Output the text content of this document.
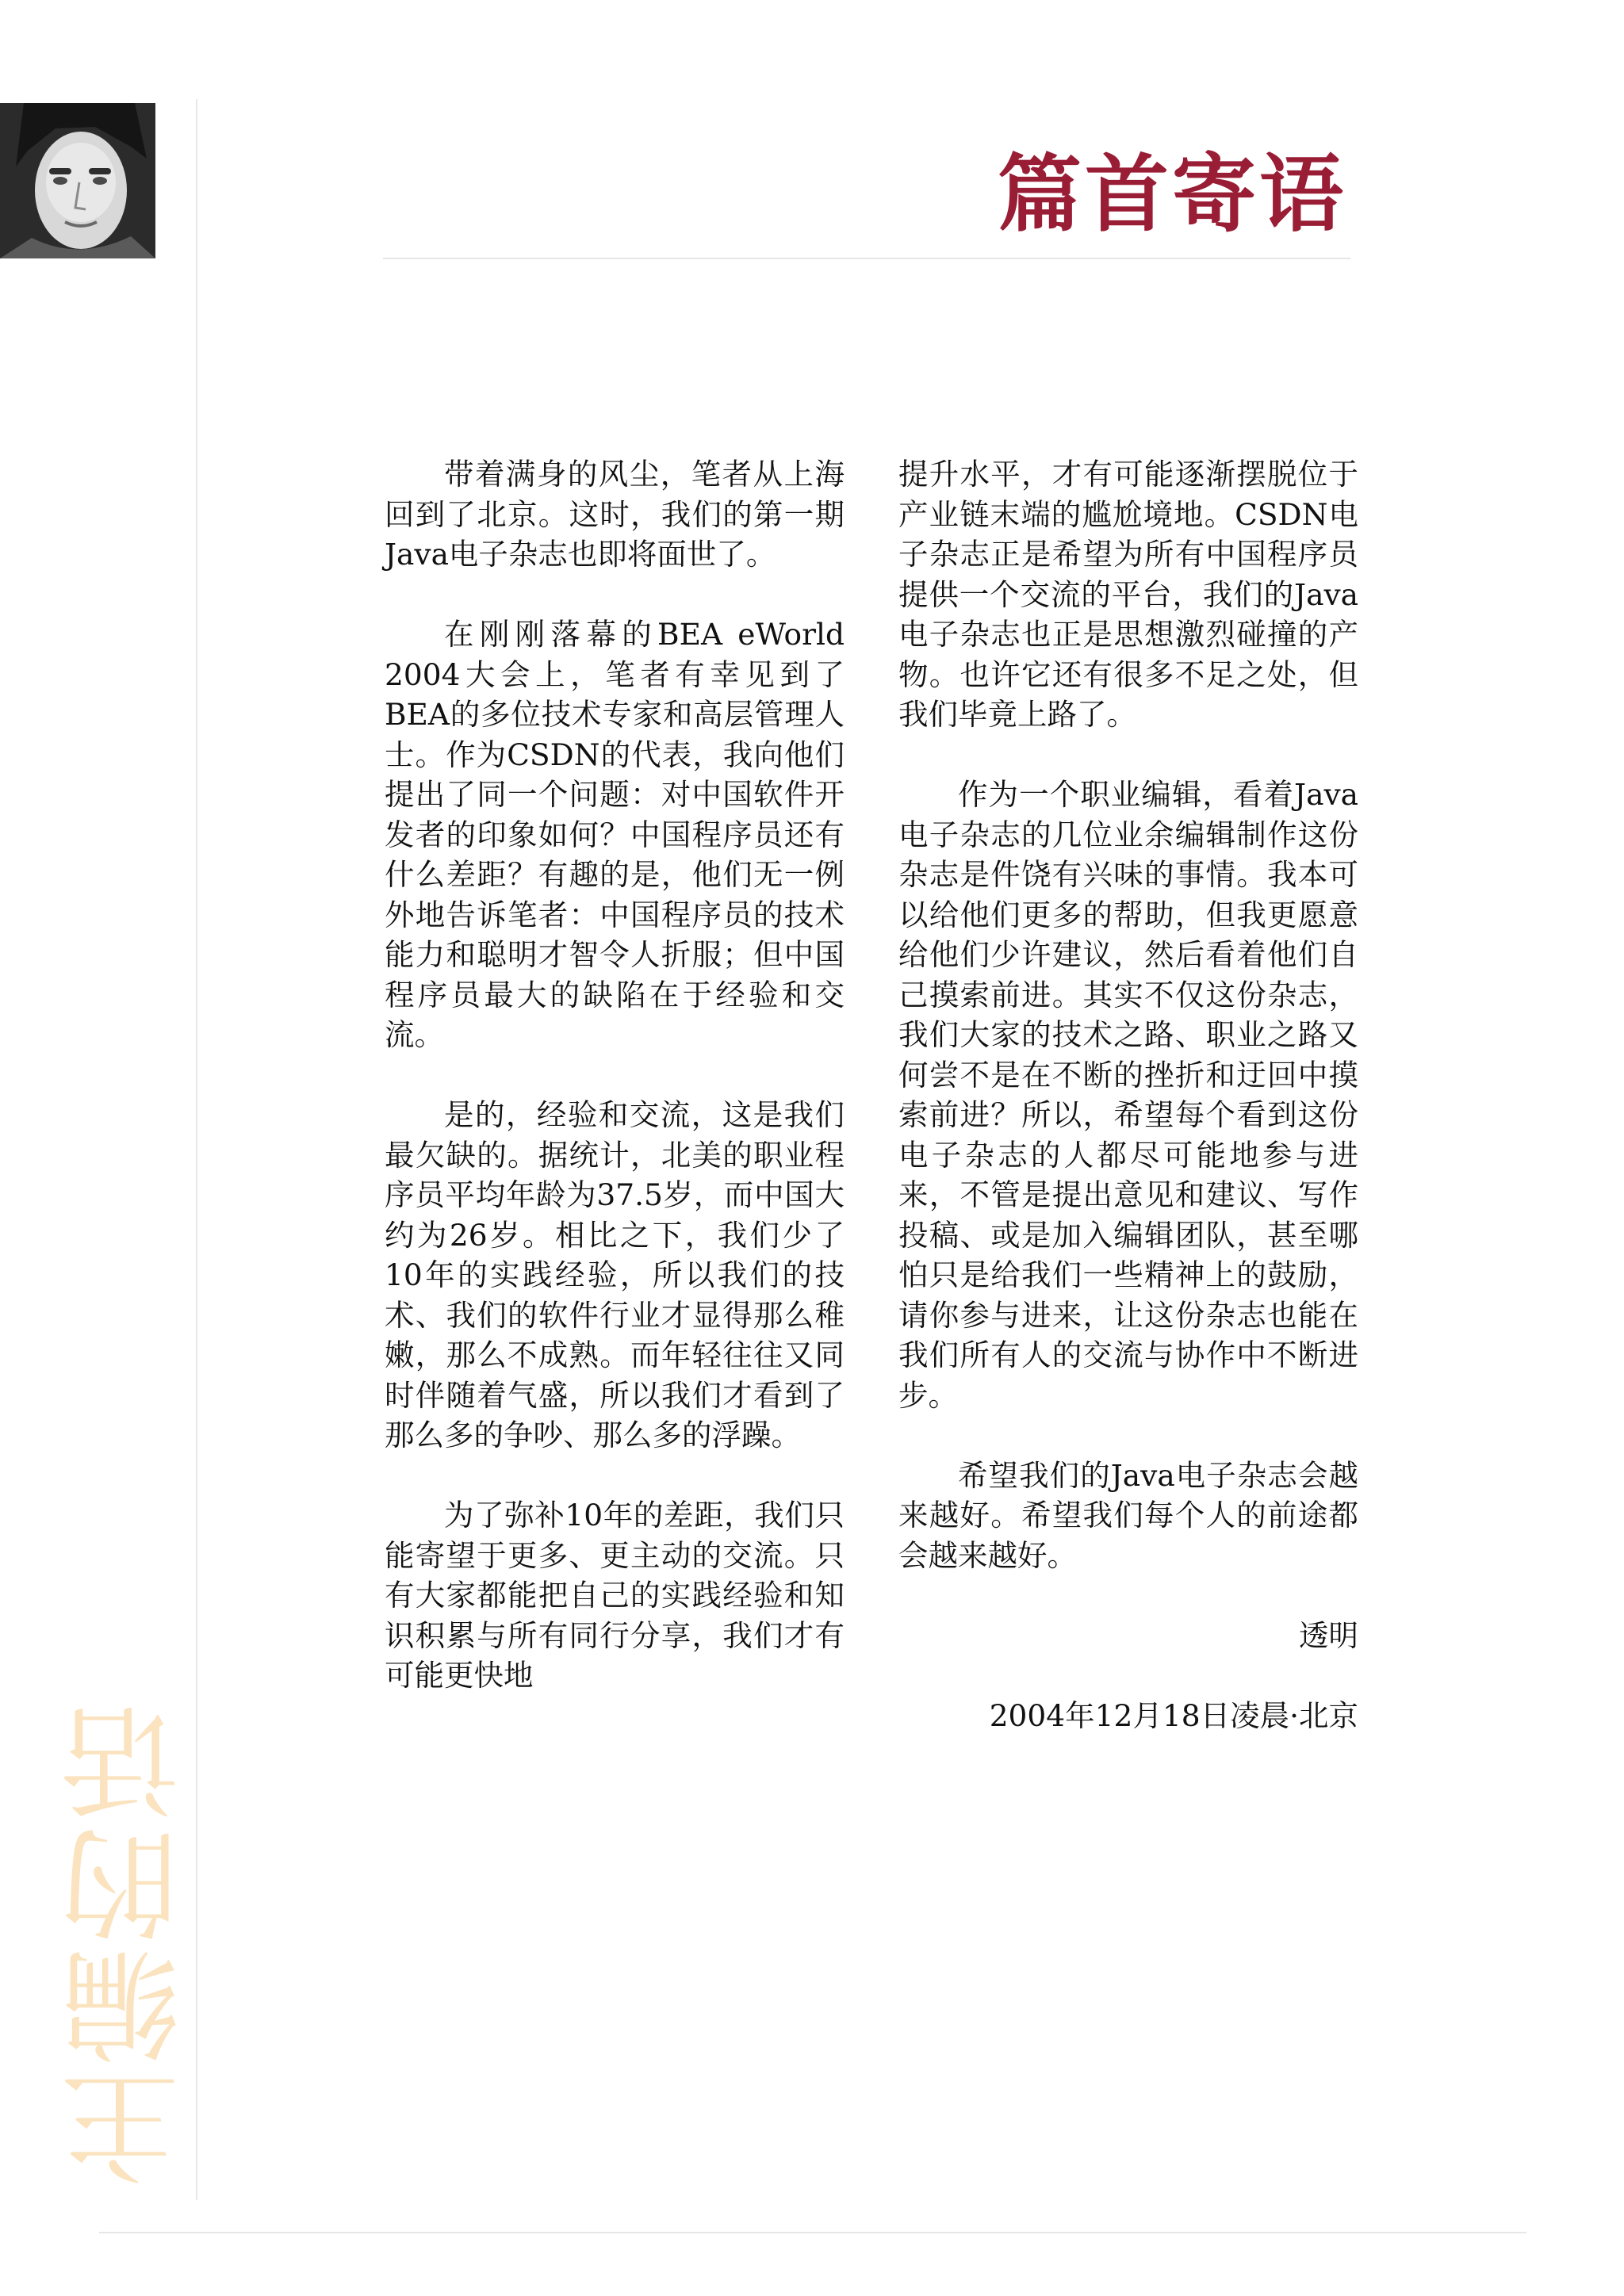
篇首寄语
主编的话

带着满身的风尘，笔者从上海回到了北京。这时，我们的第一期Java电子杂志也即将面世了。

在刚刚落幕的BEA eWorld 2004大会上，笔者有幸见到了BEA的多位技术专家和高层管理人士。作为CSDN的代表，我向他们提出了同一个问题：对中国软件开发者的印象如何？中国程序员还有什么差距？有趣的是，他们无一例外地告诉笔者：中国程序员的技术能力和聪明才智令人折服；但中国程序员最大的缺陷在于经验和交流。

是的，经验和交流，这是我们最欠缺的。据统计，北美的职业程序员平均年龄为37.5岁，而中国大约为26岁。相比之下，我们少了10年的实践经验，所以我们的技术、我们的软件行业才显得那么稚嫩，那么不成熟。而年轻往往又同时伴随着气盛，所以我们才看到了那么多的争吵、那么多的浮躁。

为了弥补10年的差距，我们只能寄望于更多、更主动的交流。只有大家都能把自己的实践经验和知识积累与所有同行分享，我们才有可能更快地

提升水平，才有可能逐渐摆脱位于产业链末端的尴尬境地。CSDN电子杂志正是希望为所有中国程序员提供一个交流的平台，我们的Java电子杂志也正是思想激烈碰撞的产物。也许它还有很多不足之处，但我们毕竟上路了。

作为一个职业编辑，看着Java电子杂志的几位业余编辑制作这份杂志是件饶有兴味的事情。我本可以给他们更多的帮助，但我更愿意给他们少许建议，然后看着他们自己摸索前进。其实不仅这份杂志，我们大家的技术之路、职业之路又何尝不是在不断的挫折和迂回中摸索前进？所以，希望每个看到这份电子杂志的人都尽可能地参与进来，不管是提出意见和建议、写作投稿、或是加入编辑团队，甚至哪怕只是给我们一些精神上的鼓励，请你参与进来，让这份杂志也能在我们所有人的交流与协作中不断进步。

希望我们的Java电子杂志会越来越好。希望我们每个人的前途都会越来越好。

透明

2004年12月18日凌晨·北京
